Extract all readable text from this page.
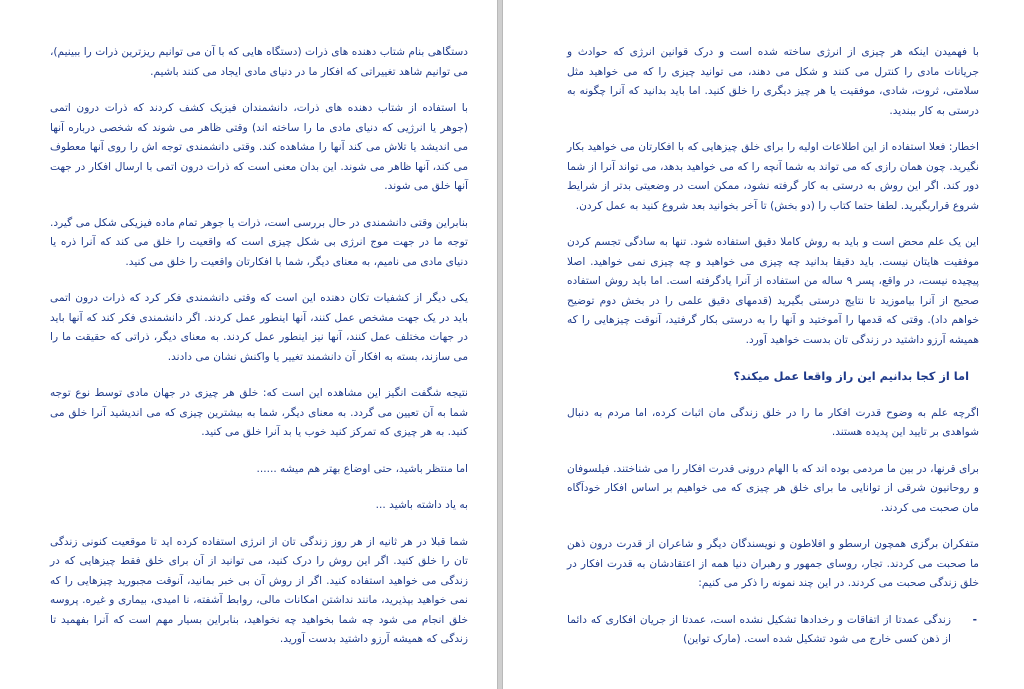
دستگاهی بنام شتاب دهنده های ذرات (دستگاه هایی که با آن می توانیم ریزترین ذرات را ببینیم)، می توانیم شاهد تغییراتی که افکار ما در دنیای مادی ایجاد می کنند باشیم.

با استفاده از شتاب دهنده های ذرات، دانشمندان فیزیک کشف کردند که ذرات درون اتمی (جوهر یا انرژیی که دنیای مادی ما را ساخته اند) وقتی ظاهر می شوند که شخصی درباره آنها می اندیشد یا تلاش می کند آنها را مشاهده کند. وقتی دانشمندی توجه اش را روی آنها معطوف می کند، آنها ظاهر می شوند. این بدان معنی است که ذرات درون اتمی با ارسال افکار در جهت آنها خلق می شوند.

بنابراین وقتی دانشمندی در حال بررسی است، ذرات یا جوهر تمام ماده فیزیکی شکل می گیرد. توجه ما در جهت موج انرژی بی شکل چیزی است که واقعیت را خلق می کند که آنرا ذره یا دنیای مادی می نامیم، به معنای دیگر، شما با افکارتان واقعیت را خلق می کنید.

یکی دیگر از کشفیات تکان دهنده این است که وقتی دانشمندی فکر کرد که ذرات درون اتمی باید در یک جهت مشخص عمل کنند، آنها اینطور عمل کردند. اگر دانشمندی فکر کند که آنها باید در جهات مختلف عمل کنند، آنها نیز اینطور عمل کردند. به معنای دیگر، ذراتی که حقیقت ما را می سازند، بسته به افکار آن دانشمند تغییر یا واکنش نشان می دادند.

نتیجه شگفت انگیز این مشاهده این است که: خلق هر چیزی در جهان مادی توسط نوع توجه شما به آن تعیین می گردد. به معنای دیگر، شما به بیشترین چیزی که می اندیشید آنرا خلق می کنید. به هر چیزی که تمرکز کنید خوب یا بد آنرا خلق می کنید.

اما منتظر باشید، حتی اوضاع بهتر هم میشه ......

به یاد داشته باشید ...

شما قبلا در هر ثانیه از هر روز زندگی تان از انرژی استفاده کرده اید تا موقعیت کنونی زندگی تان را خلق کنید. اگر این روش را درک کنید، می توانید از آن برای خلق فقط چیزهایی که در زندگی می خواهید استفاده کنید. اگر از روش آن بی خبر بمانید، آنوقت مجبورید چیزهایی را که نمی خواهید بپذیرید، مانند نداشتن امکانات مالی، روابط آشفته، نا امیدی، بیماری و غیره. پروسه خلق انجام می شود چه شما بخواهید چه نخواهید، بنابراین بسیار مهم است که آنرا بفهمید تا زندگی که همیشه آرزو داشتید بدست آورید.

با فهمیدن اینکه هر چیزی از انرژی ساخته شده است و درک قوانین انرژی که حوادث و جریانات مادی را کنترل می کنند و شکل می دهند، می توانید چیزی را که می خواهید مثل سلامتی، ثروت، شادی، موفقیت یا هر چیز دیگری را خلق کنید. اما باید بدانید که آنرا چگونه به درستی به کار ببندید.

اخطار: فعلا استفاده از این اطلاعات اولیه را برای خلق چیزهایی که با افکارتان می خواهید بکار نگیرید. چون همان رازی که می تواند به شما آنچه را که می خواهید بدهد، می تواند آنرا از شما دور کند. اگر این روش به درستی به کار گرفته نشود، ممکن است در وضعیتی بدتر از شرایط شروع قراربگیرید. لطفا حتما کتاب را (دو بخش) تا آخر بخوانید بعد شروع کنید به عمل کردن.

این یک علم محض است و باید به روش کاملا دقیق استفاده شود. تنها به سادگی تجسم کردن موفقیت هایتان نیست. باید دقیقا بدانید چه چیزی می خواهید و چه چیزی نمی خواهید. اصلا پیچیده نیست، در واقع، پسر ۹ ساله من استفاده از آنرا یادگرفته است. اما باید روش استفاده صحیح از آنرا بیاموزید تا نتایج درستی بگیرید (قدمهای دقیق علمی را در بخش دوم توضیح خواهم داد). وقتی که قدمها را آموختید و آنها را به درستی بکار گرفتید، آنوقت چیزهایی را که همیشه آرزو داشتید در زندگی تان بدست خواهید آورد.

اما از کجا بدانیم این راز واقعا عمل میکند؟

اگرچه علم به وضوح قدرت افکار ما را در خلق زندگی مان اثبات کرده، اما مردم به دنبال شواهدی بر تایید این پدیده هستند.

برای قرنها، در بین ما مردمی بوده اند که با الهام درونی قدرت افکار را می شناختند. فیلسوفان و روحانیون شرقی از توانایی ما برای خلق هر چیزی که می خواهیم بر اساس افکار خودآگاه مان صحبت می کردند.

متفکران برگزی همچون ارسطو و افلاطون و نویسندگان دیگر و شاعران از قدرت درون ذهن ما صحبت می کردند. تجار، روسای جمهور و رهبران دنیا همه از اعتقادشان به قدرت افکار در خلق زندگی صحبت می کردند. در این چند نمونه را ذکر می کنیم:

-
زندگی عمدتا از اتفاقات و رخدادها تشکیل نشده است، عمدتا از جریان افکاری که دائما از ذهن کسی خارج می شود تشکیل شده است. (مارک تواین)
